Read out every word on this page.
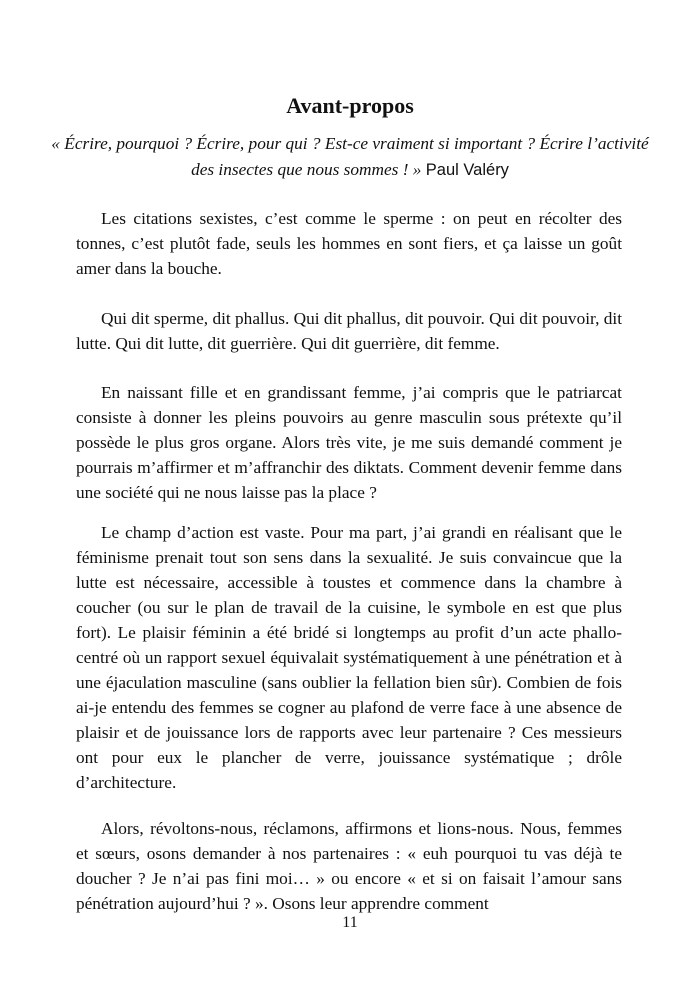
Avant-propos
« Écrire, pourquoi ? Écrire, pour qui ? Est-ce vraiment si important ? Écrire l’activité des insectes que nous sommes ! » Paul Valéry

Les citations sexistes, c’est comme le sperme : on peut en récolter des tonnes, c’est plutôt fade, seuls les hommes en sont fiers, et ça laisse un goût amer dans la bouche.

Qui dit sperme, dit phallus. Qui dit phallus, dit pouvoir. Qui dit pouvoir, dit lutte. Qui dit lutte, dit guerrière. Qui dit guerrière, dit femme.

En naissant fille et en grandissant femme, j’ai compris que le patriarcat consiste à donner les pleins pouvoirs au genre masculin sous prétexte qu’il possède le plus gros organe. Alors très vite, je me suis demandé comment je pourrais m’affirmer et m’affranchir des diktats. Comment devenir femme dans une société qui ne nous laisse pas la place ?

Le champ d’action est vaste. Pour ma part, j’ai grandi en réalisant que le féminisme prenait tout son sens dans la sexualité. Je suis convaincue que la lutte est nécessaire, accessible à toustes et commence dans la chambre à coucher (ou sur le plan de travail de la cuisine, le symbole en est que plus fort). Le plaisir féminin a été bridé si longtemps au profit d’un acte phallo-centré où un rapport sexuel équivalait systématiquement à une pénétration et à une éjaculation masculine (sans oublier la fellation bien sûr). Combien de fois ai-je entendu des femmes se cogner au plafond de verre face à une absence de plaisir et de jouissance lors de rapports avec leur partenaire ? Ces messieurs ont pour eux le plancher de verre, jouissance systématique ; drôle d’architecture.

Alors, révoltons-nous, réclamons, affirmons et lions-nous. Nous, femmes et sœurs, osons demander à nos partenaires : « euh pourquoi tu vas déjà te doucher ? Je n’ai pas fini moi… » ou encore « et si on faisait l’amour sans pénétration aujourd’hui ? ». Osons leur apprendre comment

11
